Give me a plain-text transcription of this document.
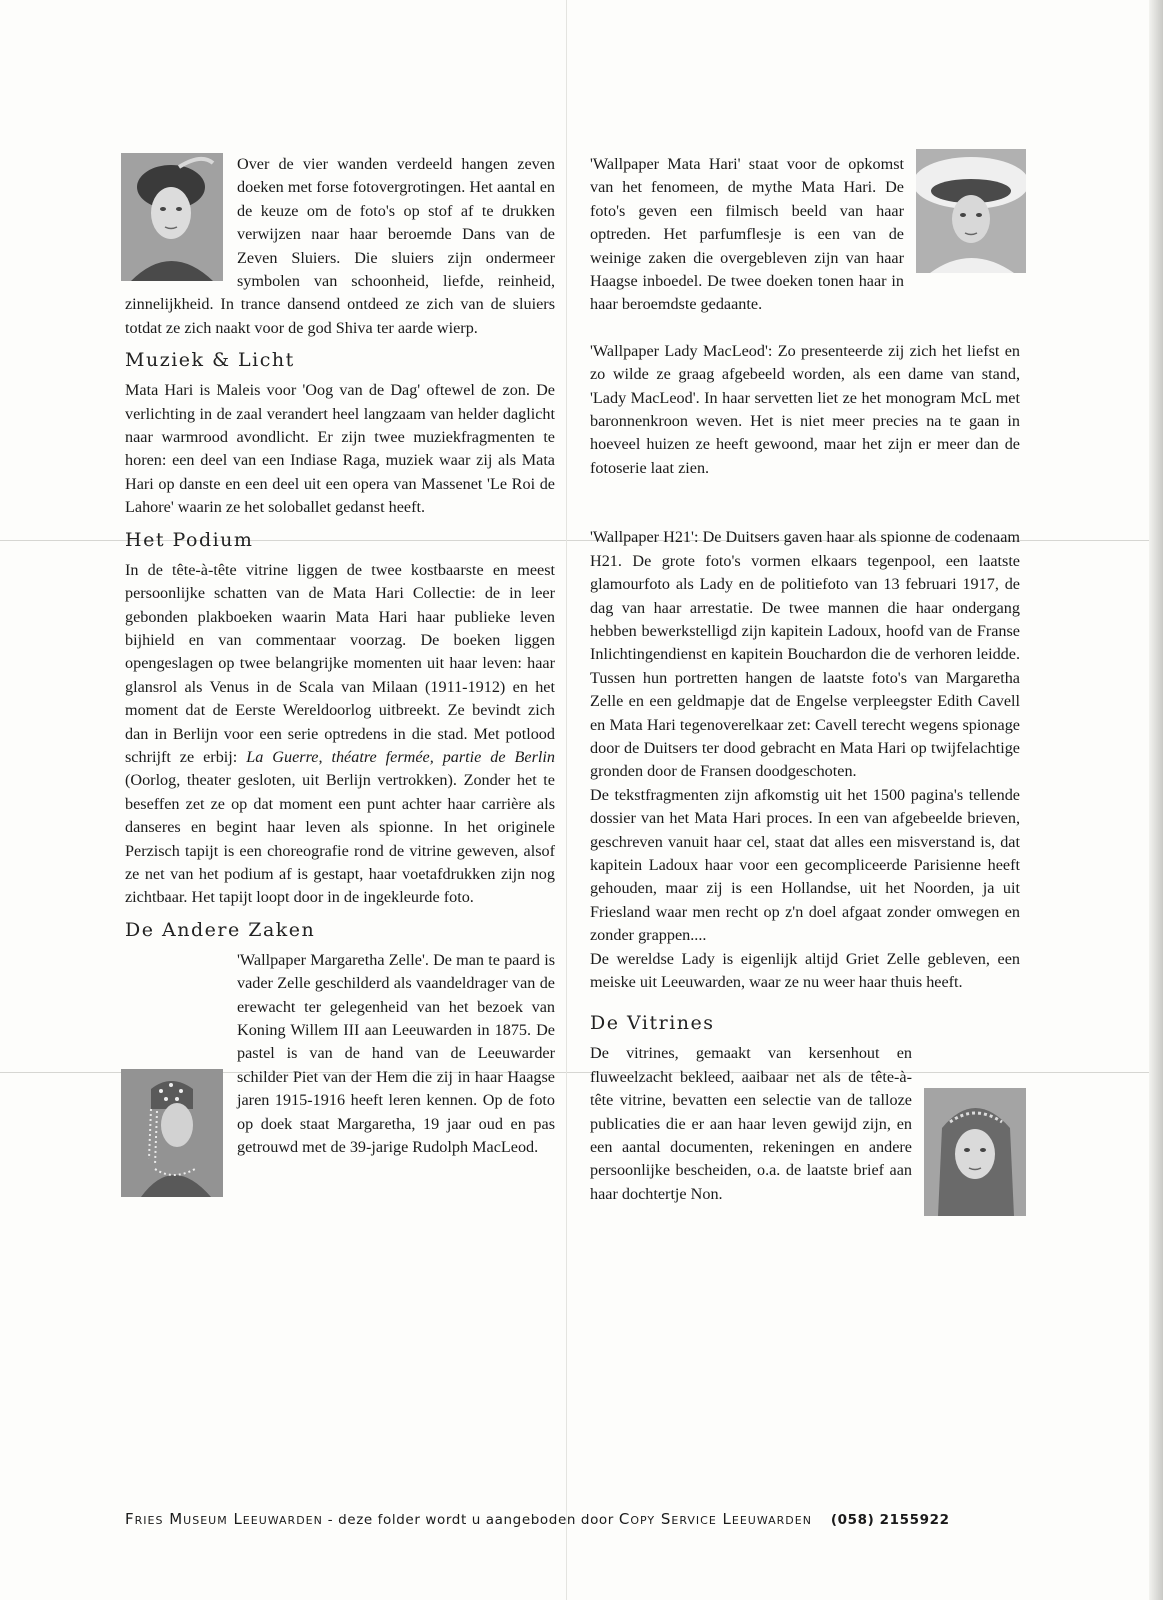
Over de vier wanden verdeeld hangen zeven doeken met forse fotovergrotingen. Het aantal en de keuze om de foto's op stof af te drukken verwijzen naar haar beroemde Dans van de Zeven Sluiers. Die sluiers zijn ondermeer symbolen van schoonheid, liefde, reinheid, zinnelijkheid. In trance dansend ontdeed ze zich van de sluiers totdat ze zich naakt voor de god Shiva ter aarde wierp.

Muziek & Licht

Mata Hari is Maleis voor 'Oog van de Dag' oftewel de zon. De verlichting in de zaal verandert heel langzaam van helder daglicht naar warmrood avondlicht. Er zijn twee muziekfragmenten te horen: een deel van een Indiase Raga, muziek waar zij als Mata Hari op danste en een deel uit een opera van Massenet 'Le Roi de Lahore' waarin ze het soloballet gedanst heeft.

Het Podium

In de tête-à-tête vitrine liggen de twee kostbaarste en meest persoonlijke schatten van de Mata Hari Collectie: de in leer gebonden plakboeken waarin Mata Hari haar publieke leven bijhield en van commentaar voorzag. De boeken liggen opengeslagen op twee belangrijke momenten uit haar leven: haar glansrol als Venus in de Scala van Milaan (1911-1912) en het moment dat de Eerste Wereldoorlog uitbreekt. Ze bevindt zich dan in Berlijn voor een serie optredens in die stad. Met potlood schrijft ze erbij: La Guerre, théatre fermée, partie de Berlin (Oorlog, theater gesloten, uit Berlijn vertrokken). Zonder het te beseffen zet ze op dat moment een punt achter haar carrière als danseres en begint haar leven als spionne. In het originele Perzisch tapijt is een choreografie rond de vitrine geweven, alsof ze net van het podium af is gestapt, haar voetafdrukken zijn nog zichtbaar. Het tapijt loopt door in de ingekleurde foto.

De Andere Zaken

'Wallpaper Margaretha Zelle'. De man te paard is vader Zelle geschilderd als vaandeldrager van de erewacht ter gelegenheid van het bezoek van Koning Willem III aan Leeuwarden in 1875. De pastel is van de hand van de Leeuwarder schilder Piet van der Hem die zij in haar Haagse jaren 1915-1916 heeft leren kennen. Op de foto op doek staat Margaretha, 19 jaar oud en pas getrouwd met de 39-jarige Rudolph MacLeod.

'Wallpaper Mata Hari' staat voor de opkomst van het fenomeen, de mythe Mata Hari. De foto's geven een filmisch beeld van haar optreden. Het parfumflesje is een van de weinige zaken die overgebleven zijn van haar Haagse inboedel. De twee doeken tonen haar in haar beroemdste gedaante.

'Wallpaper Lady MacLeod': Zo presenteerde zij zich het liefst en zo wilde ze graag afgebeeld worden, als een dame van stand, 'Lady MacLeod'. In haar servetten liet ze het monogram McL met baronnenkroon weven. Het is niet meer precies na te gaan in hoeveel huizen ze heeft gewoond, maar het zijn er meer dan de fotoserie laat zien.

'Wallpaper H21': De Duitsers gaven haar als spionne de codenaam H21. De grote foto's vormen elkaars tegenpool, een laatste glamourfoto als Lady en de politiefoto van 13 februari 1917, de dag van haar arrestatie. De twee mannen die haar ondergang hebben bewerkstelligd zijn kapitein Ladoux, hoofd van de Franse Inlichtingendienst en kapitein Bouchardon die de verhoren leidde. Tussen hun portretten hangen de laatste foto's van Margaretha Zelle en een geldmapje dat de Engelse verpleegster Edith Cavell en Mata Hari tegenoverelkaar zet: Cavell terecht wegens spionage door de Duitsers ter dood gebracht en Mata Hari op twijfelachtige gronden door de Fransen doodgeschoten.

De tekstfragmenten zijn afkomstig uit het 1500 pagina's tellende dossier van het Mata Hari proces. In een van afgebeelde brieven, geschreven vanuit haar cel, staat dat alles een misverstand is, dat kapitein Ladoux haar voor een gecompliceerde Parisienne heeft gehouden, maar zij is een Hollandse, uit het Noorden, ja uit Friesland waar men recht op z'n doel afgaat zonder omwegen en zonder grappen....

De wereldse Lady is eigenlijk altijd Griet Zelle gebleven, een meiske uit Leeuwarden, waar ze nu weer haar thuis heeft.

De Vitrines

De vitrines, gemaakt van kersenhout en fluweelzacht bekleed, aaibaar net als de tête-à-tête vitrine, bevatten een selectie van de talloze publicaties die er aan haar leven gewijd zijn, en een aantal documenten, rekeningen en andere persoonlijke bescheiden, o.a. de laatste brief aan haar dochtertje Non.

Fries Museum Leeuwarden - deze folder wordt u aangeboden door Copy Service Leeuwarden (058) 2155922
